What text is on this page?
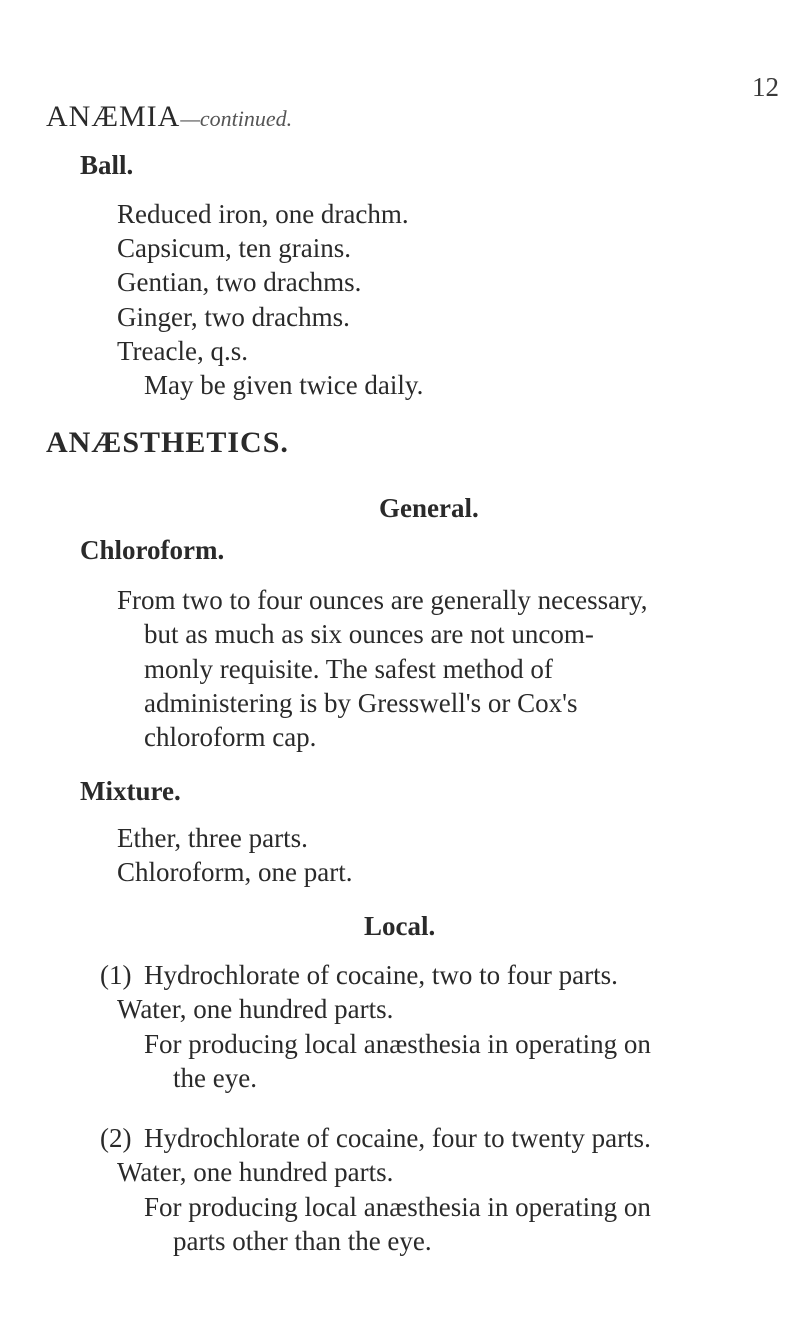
12
ANÆMIA—continued.
Ball.
Reduced iron, one drachm.
Capsicum, ten grains.
Gentian, two drachms.
Ginger, two drachms.
Treacle, q.s.
May be given twice daily.
ANÆSTHETICS.
General.
Chloroform.
From two to four ounces are generally necessary,
but as much as six ounces are not uncom-
monly requisite. The safest method of
administering is by Gresswell's or Cox's
chloroform cap.
Mixture.
Ether, three parts.
Chloroform, one part.
Local.
(1) Hydrochlorate of cocaine, two to four parts.
Water, one hundred parts.
For producing local anæsthesia in operating on
the eye.
(2) Hydrochlorate of cocaine, four to twenty parts.
Water, one hundred parts.
For producing local anæsthesia in operating on
parts other than the eye.
